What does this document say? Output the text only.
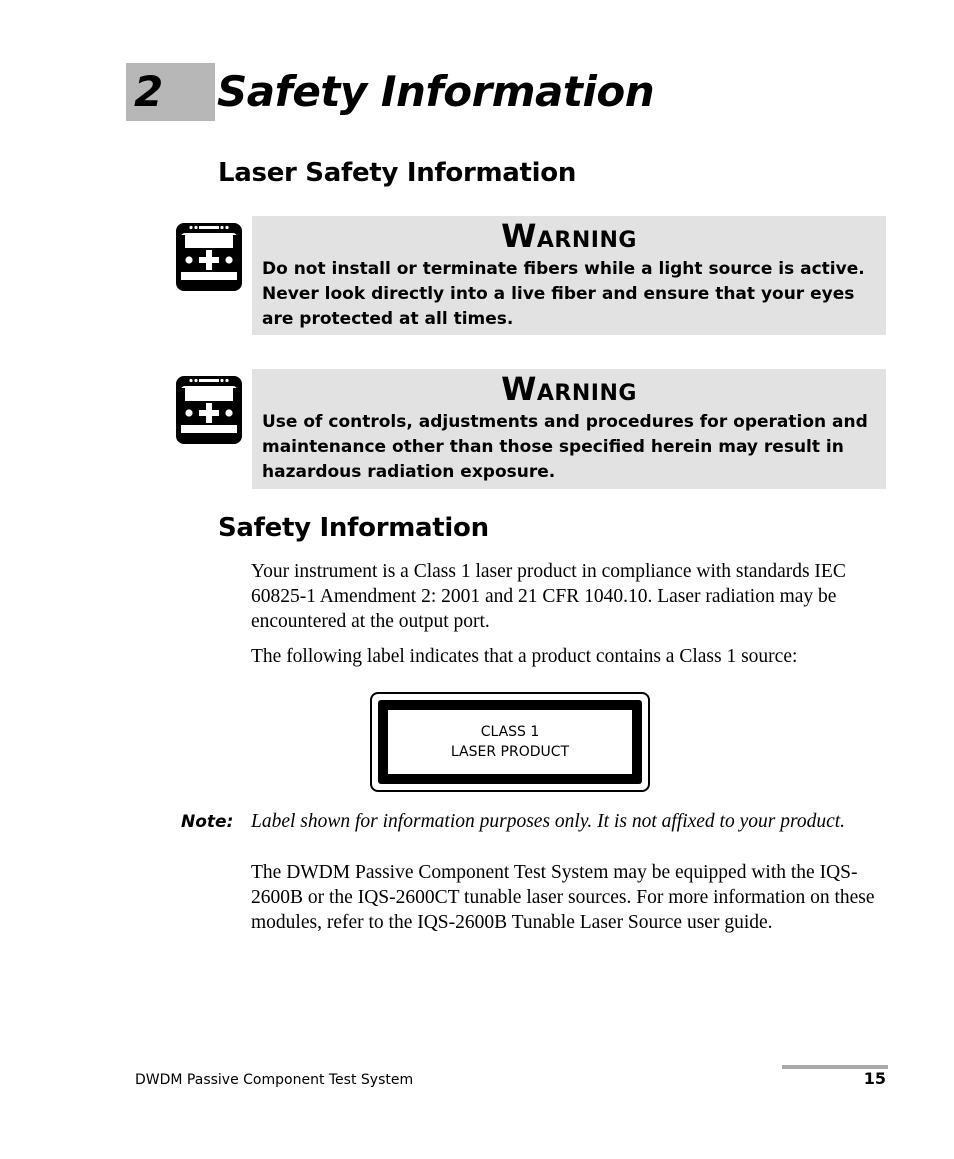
2 Safety Information
Laser Safety Information
Warning
Do not install or terminate fibers while a light source is active. Never look directly into a live fiber and ensure that your eyes are protected at all times.
Warning
Use of controls, adjustments and procedures for operation and maintenance other than those specified herein may result in hazardous radiation exposure.
Safety Information
Your instrument is a Class 1 laser product in compliance with standards IEC 60825-1 Amendment 2: 2001 and 21 CFR 1040.10. Laser radiation may be encountered at the output port.
The following label indicates that a product contains a Class 1 source:
CLASS 1
LASER PRODUCT
Note: Label shown for information purposes only. It is not affixed to your product.
The DWDM Passive Component Test System may be equipped with the IQS-2600B or the IQS-2600CT tunable laser sources. For more information on these modules, refer to the IQS-2600B Tunable Laser Source user guide.
DWDM Passive Component Test System	15
